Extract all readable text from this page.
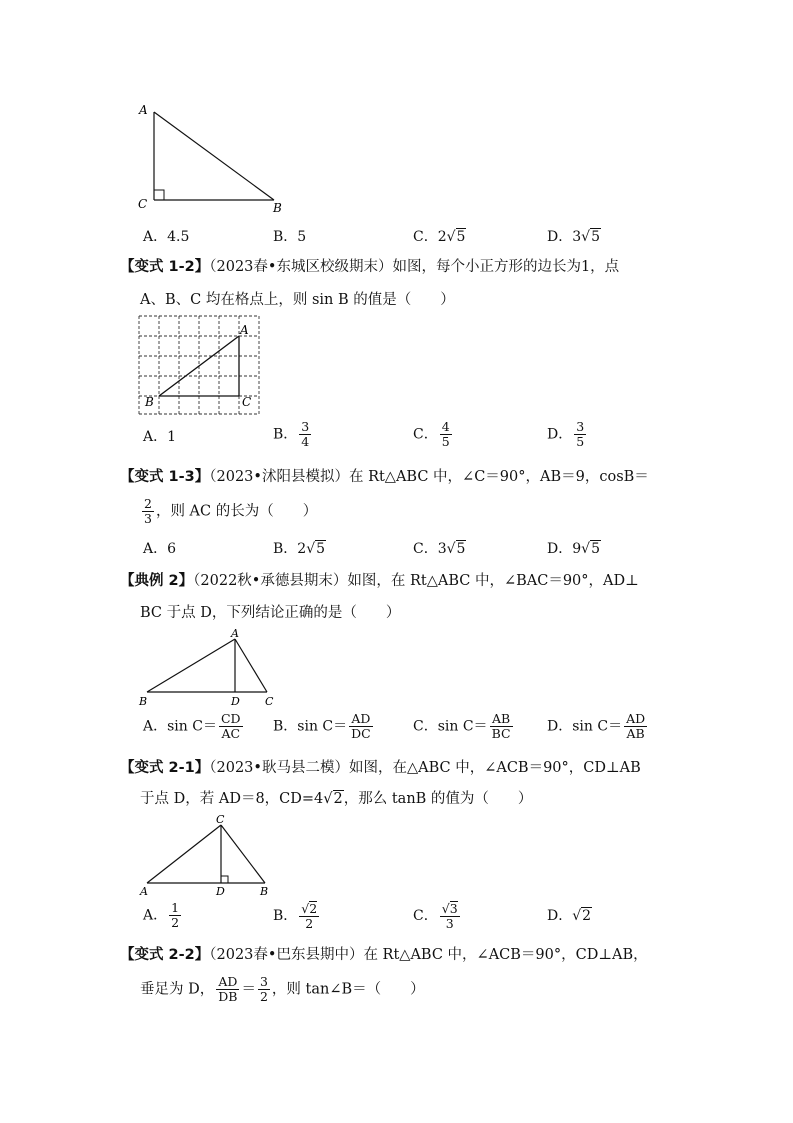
A
C	B
A．4.5	B．5	C．2√5	D．3√5
【变式 1-2】（2023春•东城区校级期末）如图，每个小正方形的边长为1，点
A、B、C 均在格点上，则 sin B 的值是（　　）
A
B	C
A．1	B． $\frac{3}{4}$	C． $\frac{4}{5}$	D． $\frac{3}{5}$
【变式 1-3】（2023•沭阳县模拟）在 Rt△ABC 中，∠C＝90°，AB＝9，cosB＝
$\frac{2}{3}$ ，则 AC 的长为（　　）
A．6	B．2√5	C．3√5	D．9√5
【典例 2】（2022秋•承德县期末）如图，在 Rt△ABC 中，∠BAC＝90°，AD⊥
BC 于点 D，下列结论正确的是（　　）
A
B	D C
A．$\sin C= \frac{CD}{AC}$ B．$\sin C= \frac{AD}{DC}$	C．$\sin C= \frac{AB}{BC}$ D．$\sin C= \frac{AD}{AB}$
【变式 2-1】（2023•耿马县二模）如图，在△ABC 中，∠ACB＝90°，CD⊥AB
于点 D，若 AD＝8，CD=4√2，那么 tanB 的值为（　　）
C
A	D	B
A． $\frac{1}{2}$	B． $\frac{√2}{2}$	C． $\frac{√3}{3}$	D．√2
【变式 2-2】（2023春•巴东县期中）在 Rt△ABC 中，∠ACB＝90°，CD⊥AB，
垂足为 D， $\frac{AD}{DB} = \frac{3}{2}$ ，则 tan∠B＝（　　）
